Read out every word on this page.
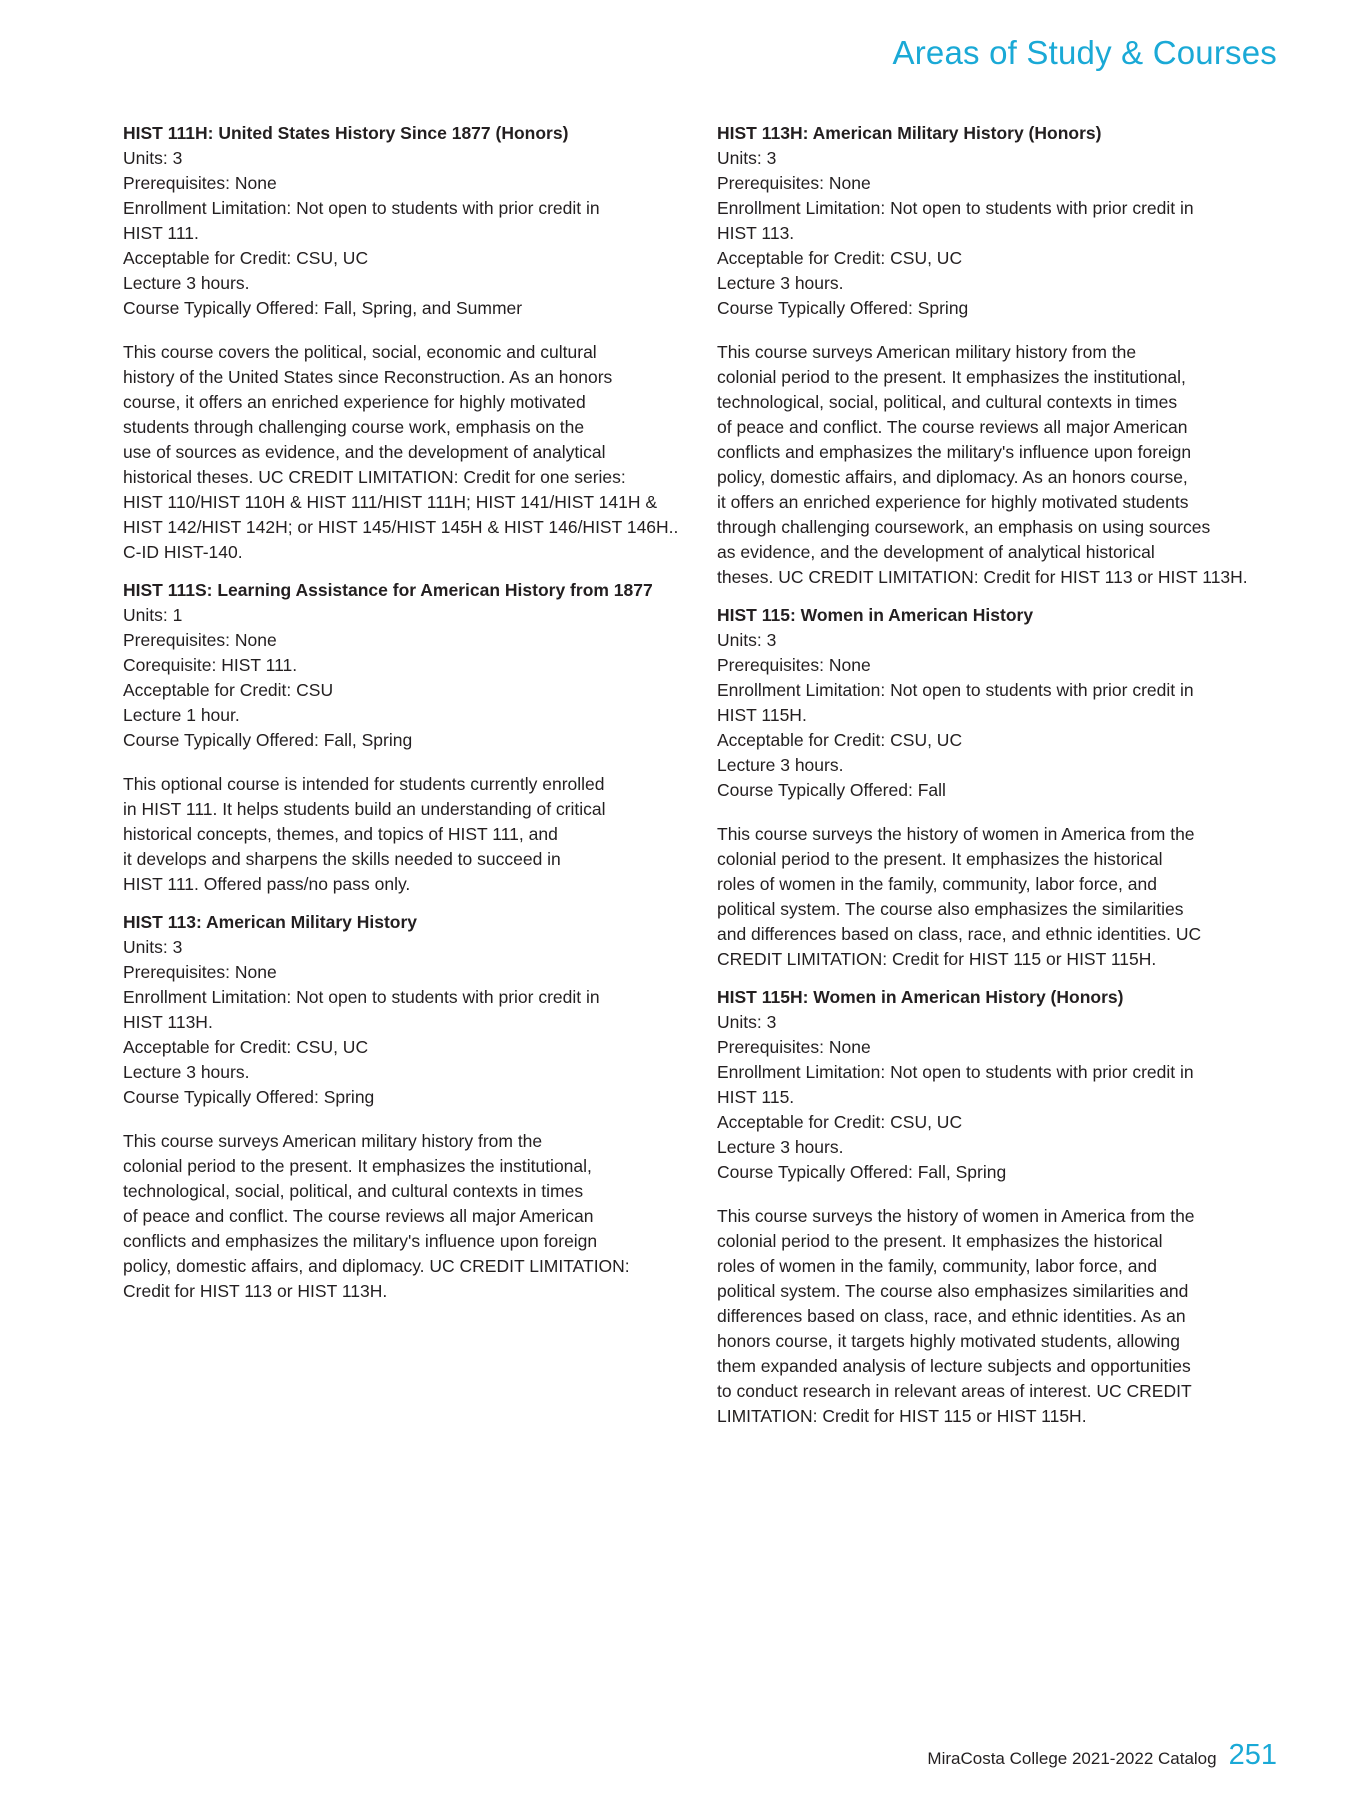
Areas of Study & Courses
HIST 111H: United States History Since 1877 (Honors)
Units: 3
Prerequisites: None
Enrollment Limitation: Not open to students with prior credit in
HIST 111.
Acceptable for Credit: CSU, UC
Lecture 3 hours.
Course Typically Offered: Fall, Spring, and Summer
This course covers the political, social, economic and cultural
history of the United States since Reconstruction. As an honors
course, it offers an enriched experience for highly motivated
students through challenging course work, emphasis on the
use of sources as evidence, and the development of analytical
historical theses. UC CREDIT LIMITATION: Credit for one series:
HIST 110/HIST 110H & HIST 111/HIST 111H; HIST 141/HIST 141H &
HIST 142/HIST 142H; or HIST 145/HIST 145H & HIST 146/HIST 146H..
C-ID HIST-140.
HIST 111S: Learning Assistance for American History from 1877
Units: 1
Prerequisites: None
Corequisite: HIST 111.
Acceptable for Credit: CSU
Lecture 1 hour.
Course Typically Offered: Fall, Spring
This optional course is intended for students currently enrolled
in HIST 111. It helps students build an understanding of critical
historical concepts, themes, and topics of HIST 111, and
it develops and sharpens the skills needed to succeed in
HIST 111. Offered pass/no pass only.
HIST 113: American Military History
Units: 3
Prerequisites: None
Enrollment Limitation: Not open to students with prior credit in
HIST 113H.
Acceptable for Credit: CSU, UC
Lecture 3 hours.
Course Typically Offered: Spring
This course surveys American military history from the
colonial period to the present. It emphasizes the institutional,
technological, social, political, and cultural contexts in times
of peace and conflict. The course reviews all major American
conflicts and emphasizes the military's influence upon foreign
policy, domestic affairs, and diplomacy. UC CREDIT LIMITATION:
Credit for HIST 113 or HIST 113H.
HIST 113H: American Military History (Honors)
Units: 3
Prerequisites: None
Enrollment Limitation: Not open to students with prior credit in
HIST 113.
Acceptable for Credit: CSU, UC
Lecture 3 hours.
Course Typically Offered: Spring
This course surveys American military history from the
colonial period to the present. It emphasizes the institutional,
technological, social, political, and cultural contexts in times
of peace and conflict. The course reviews all major American
conflicts and emphasizes the military's influence upon foreign
policy, domestic affairs, and diplomacy. As an honors course,
it offers an enriched experience for highly motivated students
through challenging coursework, an emphasis on using sources
as evidence, and the development of analytical historical
theses. UC CREDIT LIMITATION: Credit for HIST 113 or HIST 113H.
HIST 115: Women in American History
Units: 3
Prerequisites: None
Enrollment Limitation: Not open to students with prior credit in
HIST 115H.
Acceptable for Credit: CSU, UC
Lecture 3 hours.
Course Typically Offered: Fall
This course surveys the history of women in America from the
colonial period to the present. It emphasizes the historical
roles of women in the family, community, labor force, and
political system. The course also emphasizes the similarities
and differences based on class, race, and ethnic identities. UC
CREDIT LIMITATION: Credit for HIST 115 or HIST 115H.
HIST 115H: Women in American History (Honors)
Units: 3
Prerequisites: None
Enrollment Limitation: Not open to students with prior credit in
HIST 115.
Acceptable for Credit: CSU, UC
Lecture 3 hours.
Course Typically Offered: Fall, Spring
This course surveys the history of women in America from the
colonial period to the present. It emphasizes the historical
roles of women in the family, community, labor force, and
political system. The course also emphasizes similarities and
differences based on class, race, and ethnic identities. As an
honors course, it targets highly motivated students, allowing
them expanded analysis of lecture subjects and opportunities
to conduct research in relevant areas of interest. UC CREDIT
LIMITATION: Credit for HIST 115 or HIST 115H.
MiraCosta College 2021-2022 Catalog 251
